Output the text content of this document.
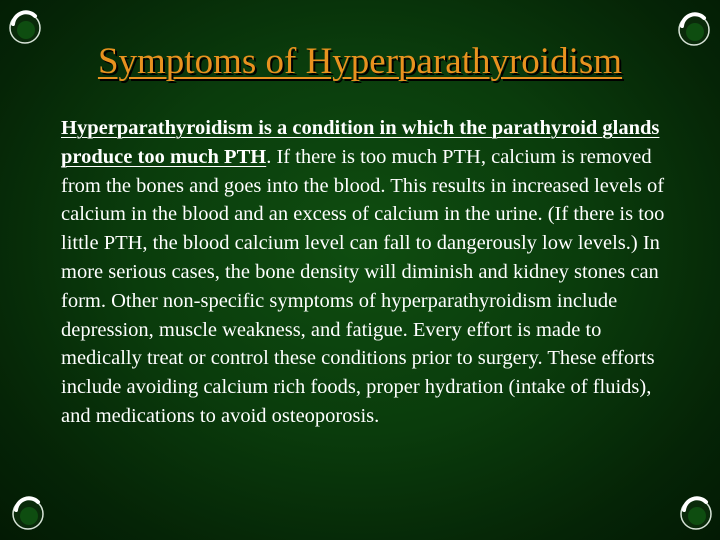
Symptoms of Hyperparathyroidism

Hyperparathyroidism is a condition in which the parathyroid glands produce too much PTH. If there is too much PTH, calcium is removed from the bones and goes into the blood. This results in increased levels of calcium in the blood and an excess of calcium in the urine. (If there is too little PTH, the blood calcium level can fall to dangerously low levels.) In more serious cases, the bone density will diminish and kidney stones can form. Other non-specific symptoms of hyperparathyroidism include depression, muscle weakness, and fatigue. Every effort is made to medically treat or control these conditions prior to surgery. These efforts include avoiding calcium rich foods, proper hydration (intake of fluids), and medications to avoid osteoporosis.
